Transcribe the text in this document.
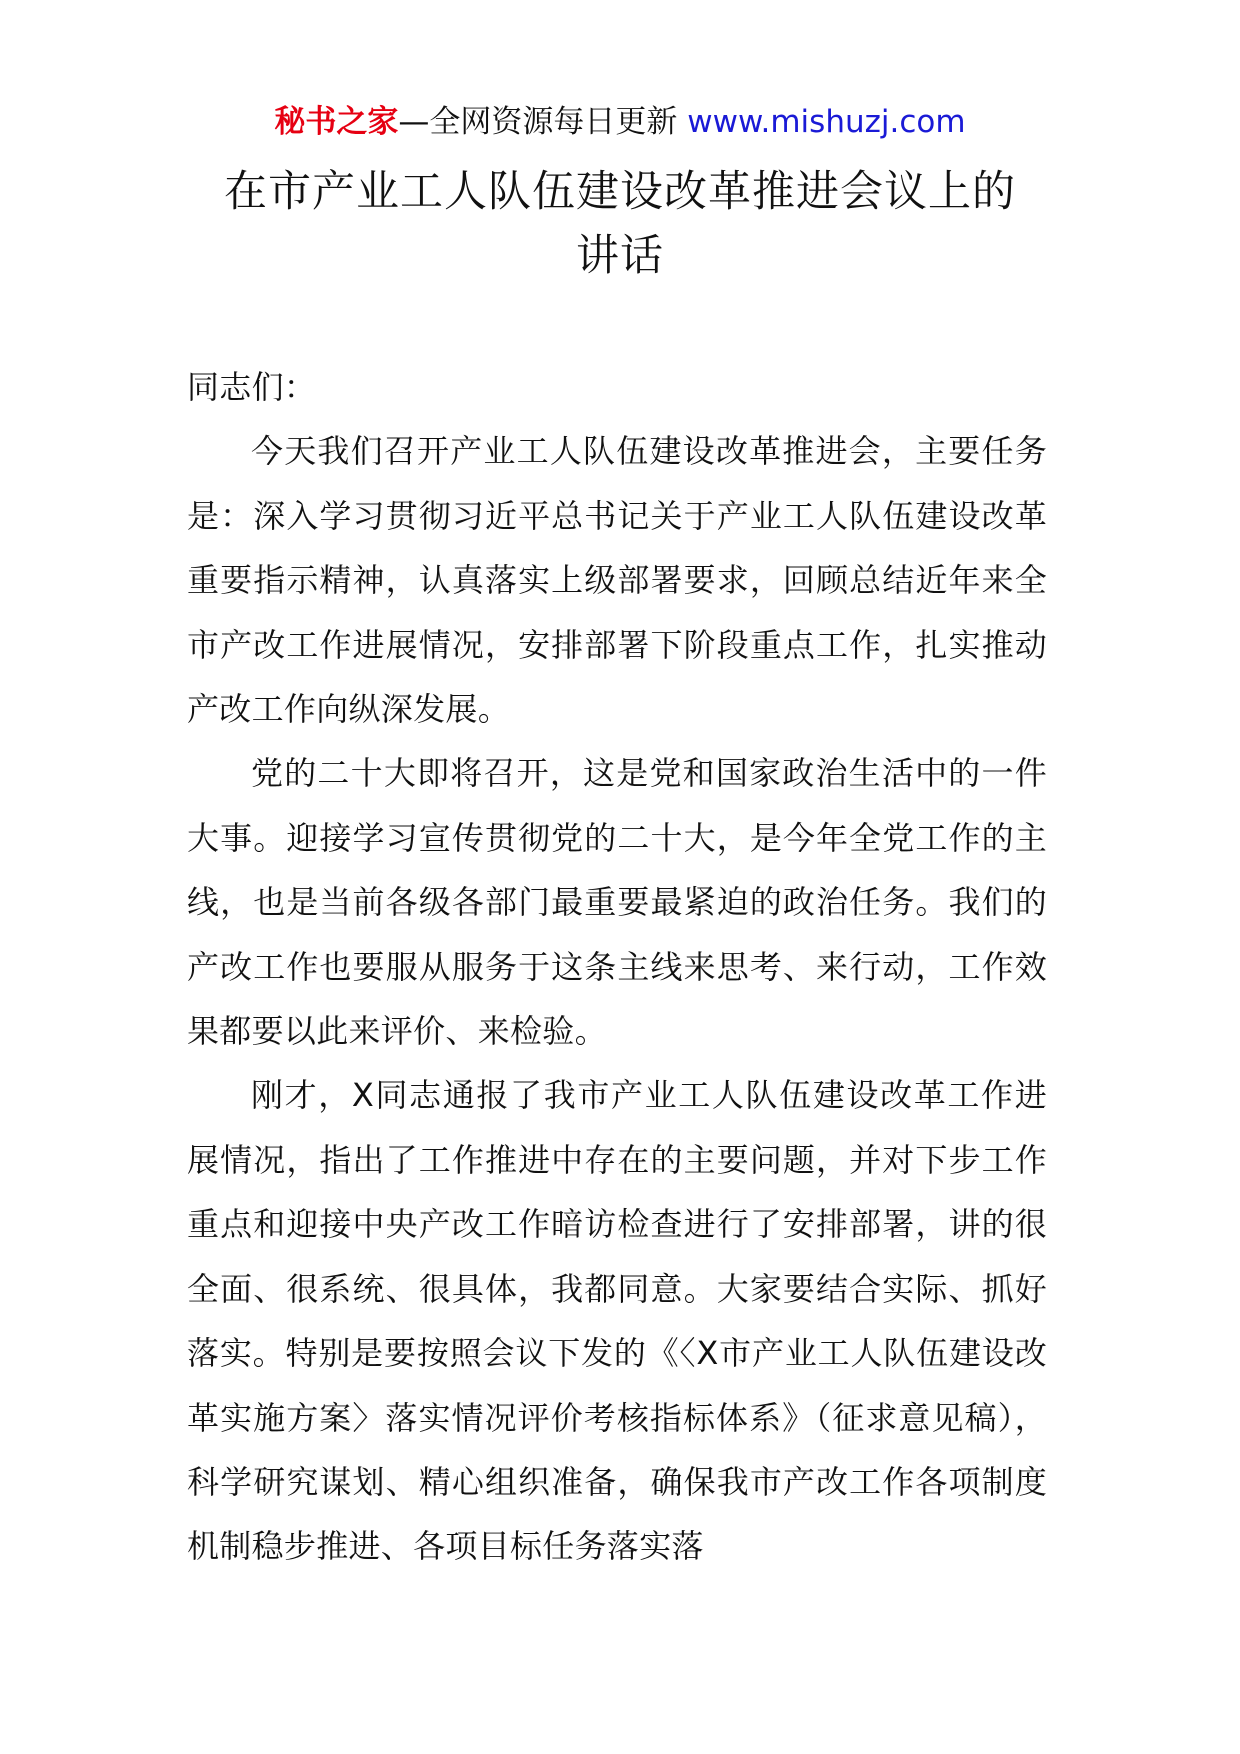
秘书之家—全网资源每日更新 www.mishuzj.com
在市产业工人队伍建设改革推进会议上的
讲话

同志们：

今天我们召开产业工人队伍建设改革推进会，主要任务是：深入学习贯彻习近平总书记关于产业工人队伍建设改革重要指示精神，认真落实上级部署要求，回顾总结近年来全市产改工作进展情况，安排部署下阶段重点工作，扎实推动产改工作向纵深发展。

党的二十大即将召开，这是党和国家政治生活中的一件大事。迎接学习宣传贯彻党的二十大，是今年全党工作的主线，也是当前各级各部门最重要最紧迫的政治任务。我们的产改工作也要服从服务于这条主线来思考、来行动，工作效果都要以此来评价、来检验。

刚才，X同志通报了我市产业工人队伍建设改革工作进展情况，指出了工作推进中存在的主要问题，并对下步工作重点和迎接中央产改工作暗访检查进行了安排部署，讲的很全面、很系统、很具体，我都同意。大家要结合实际、抓好落实。特别是要按照会议下发的《〈X市产业工人队伍建设改革实施方案〉落实情况评价考核指标体系》（征求意见稿），科学研究谋划、精心组织准备，确保我市产改工作各项制度机制稳步推进、各项目标任务落实落
